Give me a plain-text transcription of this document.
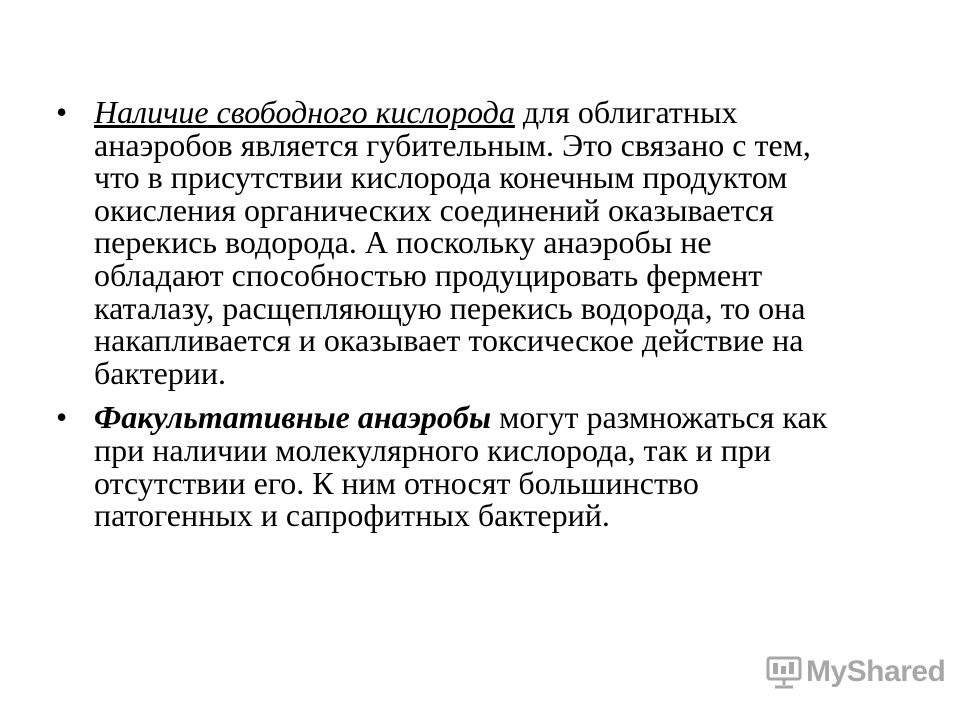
• Наличие свободного кислорода для облигатных анаэробов является губительным. Это связано с тем, что в присутствии кислорода конечным продуктом окисления органических соединений оказывается перекись водорода. А поскольку анаэробы не обладают способностью продуцировать фермент каталазу, расщепляющую перекись водорода, то она накапливается и оказывает токсическое действие на бактерии.
• Факультативные анаэробы могут размножаться как при наличии молекулярного кислорода, так и при отсутствии его. К ним относят большинство патогенных и сапрофитных бактерий.
MyShared
